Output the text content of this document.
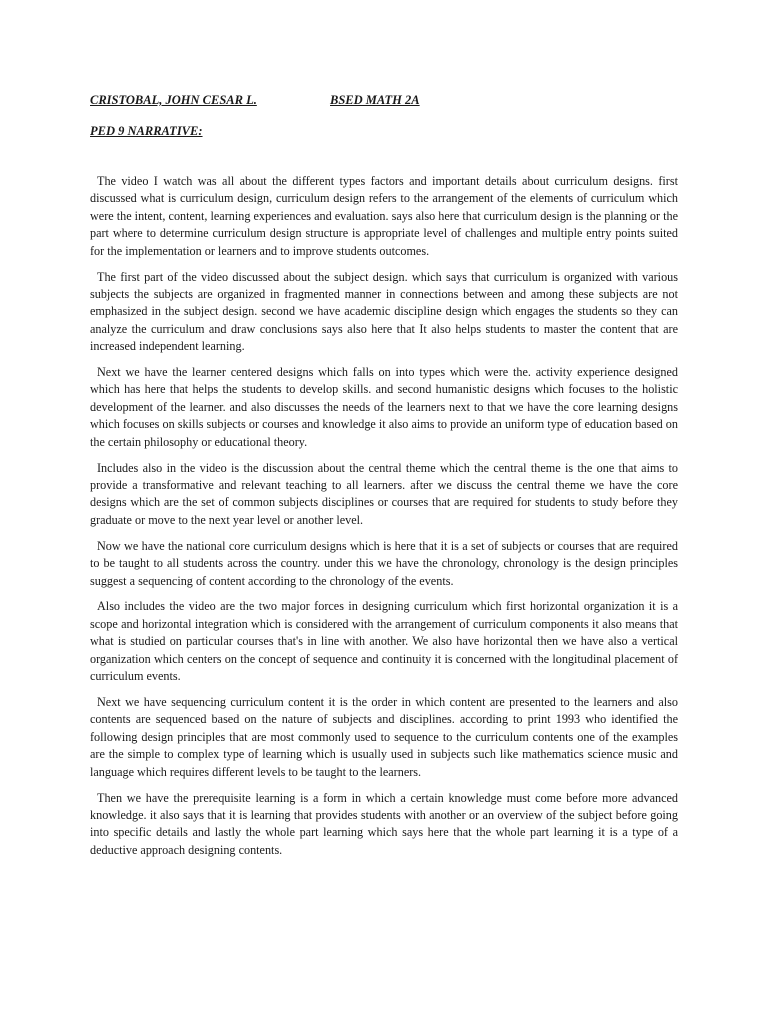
CRISTOBAL, JOHN CESAR L.	BSED MATH 2A
PED 9 NARRATIVE:

The video I watch was all about the different types factors and important details about curriculum designs. first discussed what is curriculum design, curriculum design refers to the arrangement of the elements of curriculum which were the intent, content, learning experiences and evaluation. says also here that curriculum design is the planning or the part where to determine curriculum design structure is appropriate level of challenges and multiple entry points suited for the implementation or learners and to improve students outcomes.

The first part of the video discussed about the subject design. which says that curriculum is organized with various subjects the subjects are organized in fragmented manner in connections between and among these subjects are not emphasized in the subject design. second we have academic discipline design which engages the students so they can analyze the curriculum and draw conclusions says also here that It also helps students to master the content that are increased independent learning.

Next we have the learner centered designs which falls on into types which were the. activity experience designed which has here that helps the students to develop skills. and second humanistic designs which focuses to the holistic development of the learner. and also discusses the needs of the learners next to that we have the core learning designs which focuses on skills subjects or courses and knowledge it also aims to provide an uniform type of education based on the certain philosophy or educational theory.

Includes also in the video is the discussion about the central theme which the central theme is the one that aims to provide a transformative and relevant teaching to all learners. after we discuss the central theme we have the core designs which are the set of common subjects disciplines or courses that are required for students to study before they graduate or move to the next year level or another level.

Now we have the national core curriculum designs which is here that it is a set of subjects or courses that are required to be taught to all students across the country. under this we have the chronology, chronology is the design principles suggest a sequencing of content according to the chronology of the events.

Also includes the video are the two major forces in designing curriculum which first horizontal organization it is a scope and horizontal integration which is considered with the arrangement of curriculum components it also means that what is studied on particular courses that's in line with another. We also have horizontal then we have also a vertical organization which centers on the concept of sequence and continuity it is concerned with the longitudinal placement of curriculum events.

Next we have sequencing curriculum content it is the order in which content are presented to the learners and also contents are sequenced based on the nature of subjects and disciplines. according to print 1993 who identified the following design principles that are most commonly used to sequence to the curriculum contents one of the examples are the simple to complex type of learning which is usually used in subjects such like mathematics science music and language which requires different levels to be taught to the learners.

Then we have the prerequisite learning is a form in which a certain knowledge must come before more advanced knowledge. it also says that it is learning that provides students with another or an overview of the subject before going into specific details and lastly the whole part learning which says here that the whole part learning it is a type of a deductive approach designing contents.
